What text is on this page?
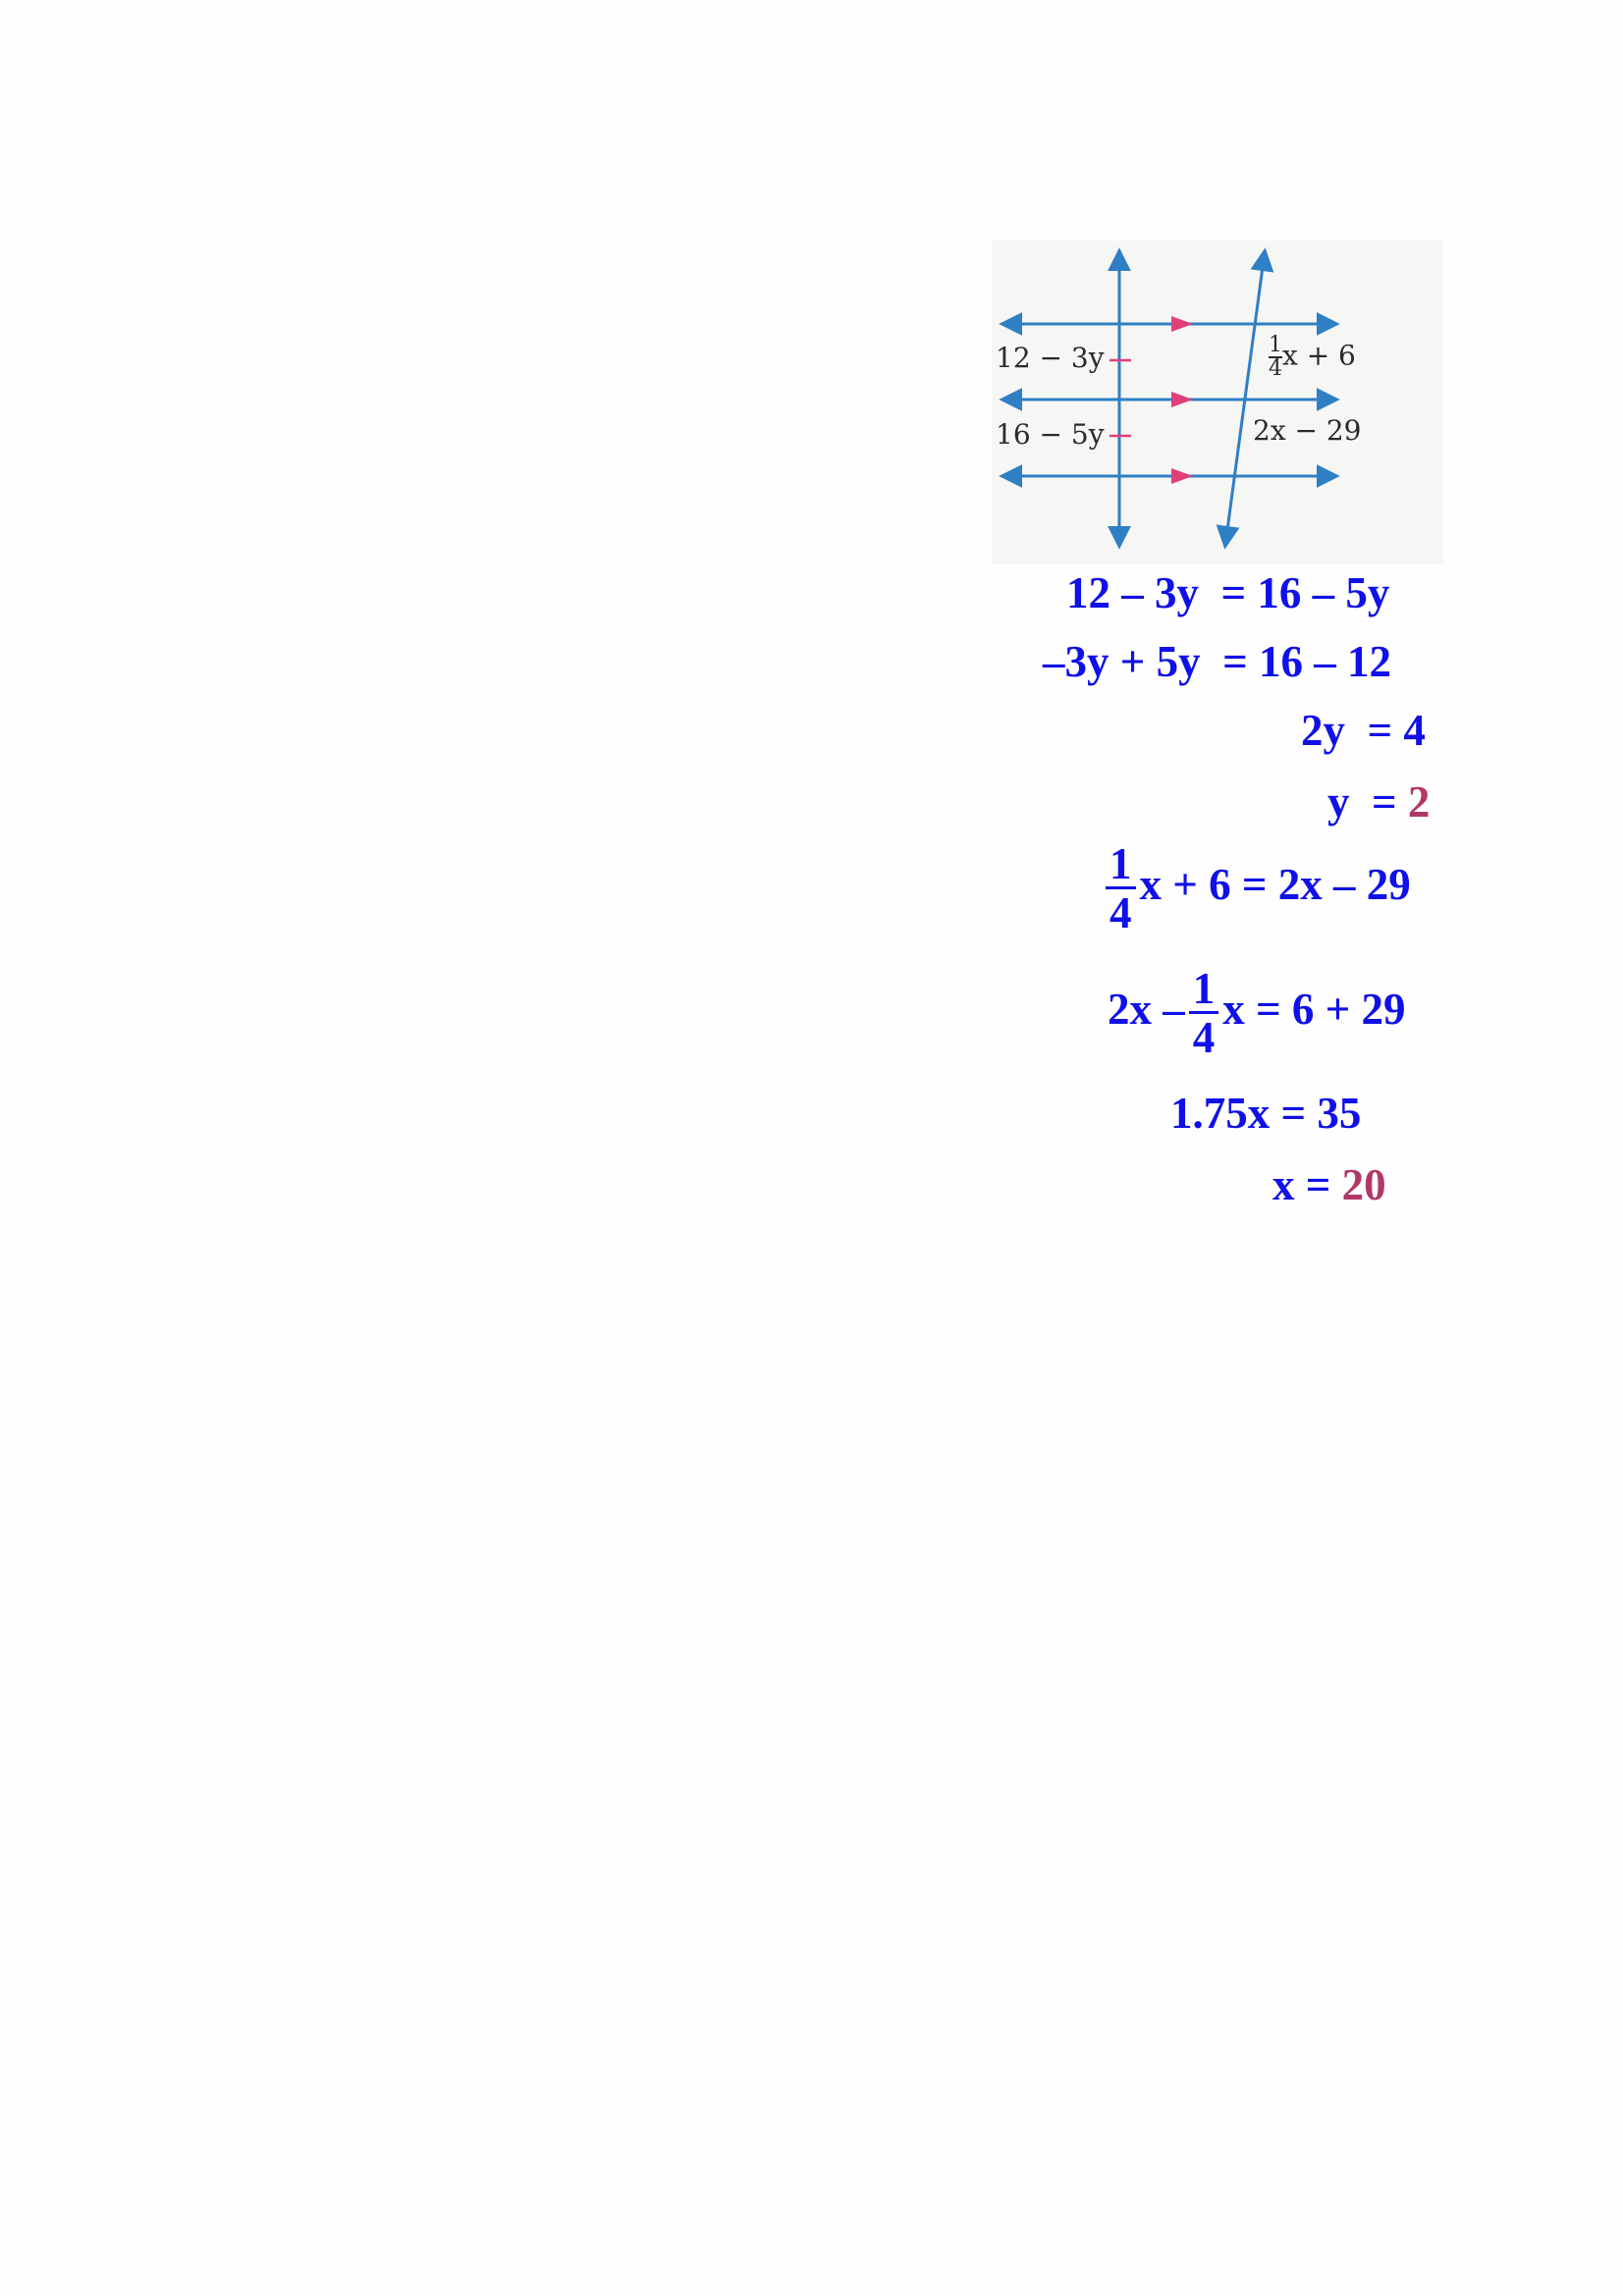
12 − 3y
16 − 5y
$\frac{1}{4}$ x + 6
2x − 29
12 – 3y = 16 – 5y
–3y + 5y = 16 – 12
2y = 4
y = 2
$\frac{1}{4}$ x + 6 = 2x – 29
$2x - \frac{1}{4}$ x = 6 + 29
1.75x = 35
x = 20
